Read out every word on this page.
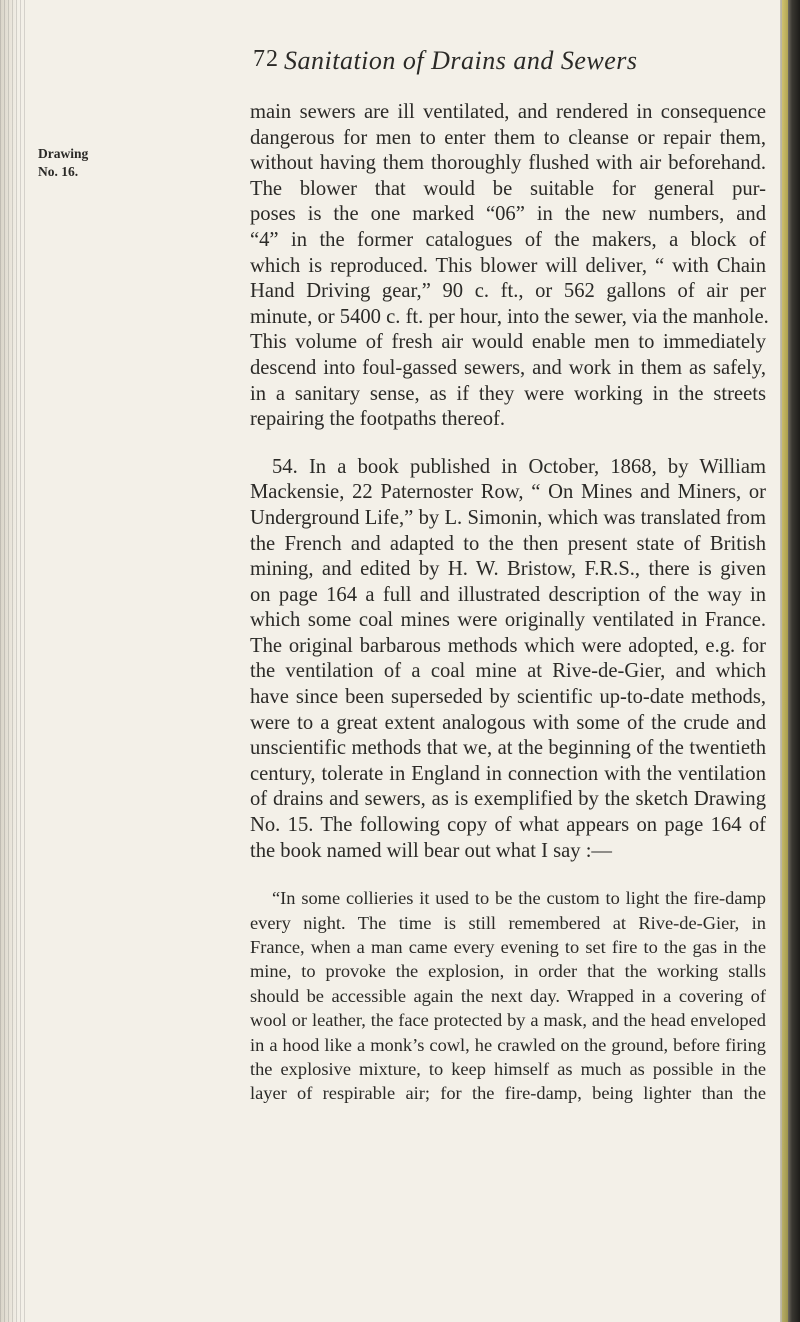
72 Sanitation of Drains and Sewers
Drawing
No. 16.

main sewers are ill ventilated, and rendered in consequence
dangerous for men to enter them to cleanse or repair them,
without having them thoroughly flushed with air beforehand.
The blower that would be suitable for general pur-
poses is the one marked “06” in the new numbers, and
“4” in the former catalogues of the makers, a block of
which is reproduced. This blower will deliver, “ with Chain
Hand Driving gear,” 90 c. ft., or 562 gallons of air per
minute, or 5400 c. ft. per hour, into the sewer, via the manhole.
This volume of fresh air would enable men to immediately
descend into foul-gassed sewers, and work in them as safely,
in a sanitary sense, as if they were working in the streets
repairing the footpaths thereof.

54. In a book published in October, 1868, by William
Mackensie, 22 Paternoster Row, “ On Mines and Miners, or
Underground Life,” by L. Simonin, which was translated from
the French and adapted to the then present state of British
mining, and edited by H. W. Bristow, F.R.S., there is given
on page 164 a full and illustrated description of the way in
which some coal mines were originally ventilated in France.
The original barbarous methods which were adopted, e.g. for
the ventilation of a coal mine at Rive-de-Gier, and which
have since been superseded by scientific up-to-date methods,
were to a great extent analogous with some of the crude and
unscientific methods that we, at the beginning of the twentieth
century, tolerate in England in connection with the ventilation
of drains and sewers, as is exemplified by the sketch Drawing
No. 15. The following copy of what appears on page 164 of
the book named will bear out what I say :—

“In some collieries it used to be the custom to light the fire-damp
every night. The time is still remembered at Rive-de-Gier, in
France, when a man came every evening to set fire to the gas in the
mine, to provoke the explosion, in order that the working stalls
should be accessible again the next day. Wrapped in a covering of
wool or leather, the face protected by a mask, and the head enveloped
in a hood like a monk’s cowl, he crawled on the ground, before firing
the explosive mixture, to keep himself as much as possible in the
layer of respirable air; for the fire-damp, being lighter than the
